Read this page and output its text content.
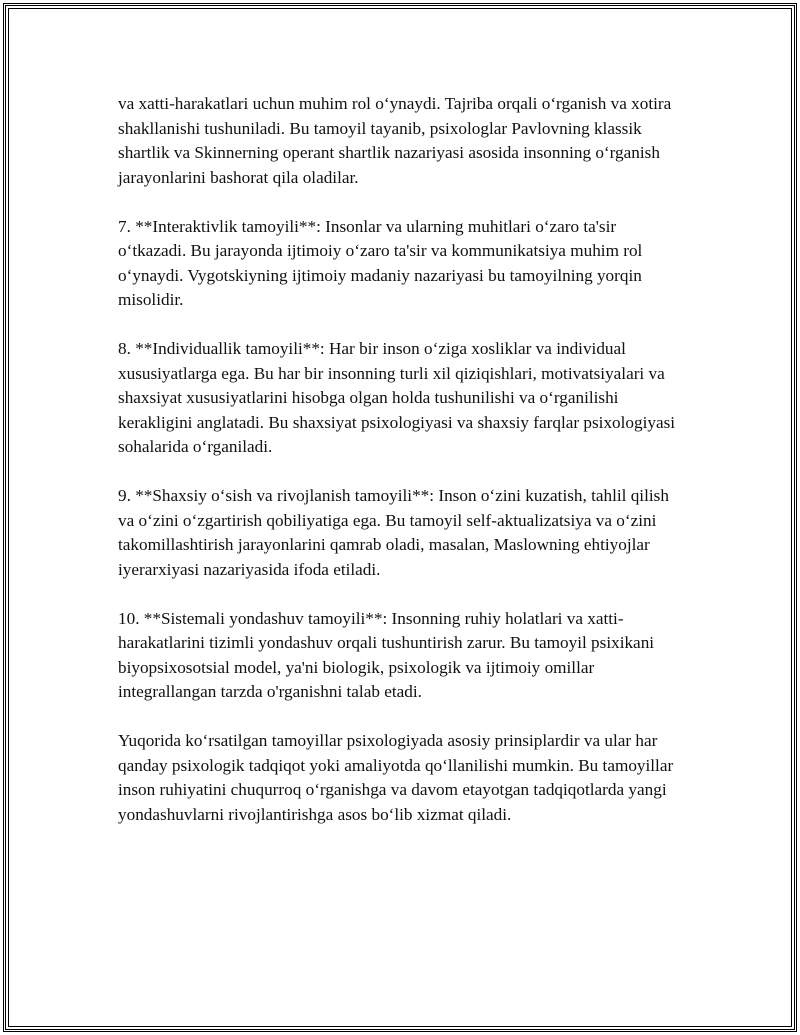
va xatti-harakatlari uchun muhim rol o‘ynaydi. Tajriba orqali o‘rganish va xotira shakllanishi tushuniladi. Bu tamoyil tayanib, psixologlar Pavlovning klassik shartlik va Skinnerning operant shartlik nazariyasi asosida insonning o‘rganish jarayonlarini bashorat qila oladilar.

7. **Interaktivlik tamoyili**: Insonlar va ularning muhitlari o‘zaro ta'sir o‘tkazadi. Bu jarayonda ijtimoiy o‘zaro ta'sir va kommunikatsiya muhim rol o‘ynaydi. Vygotskiyning ijtimoiy madaniy nazariyasi bu tamoyilning yorqin misolidir.

8. **Individuallik tamoyili**: Har bir inson o‘ziga xosliklar va individual xususiyatlarga ega. Bu har bir insonning turli xil qiziqishlari, motivatsiyalari va shaxsiyat xususiyatlarini hisobga olgan holda tushunilishi va o‘rganilishi kerakligini anglatadi. Bu shaxsiyat psixologiyasi va shaxsiy farqlar psixologiyasi sohalarida o‘rganiladi.

9. **Shaxsiy o‘sish va rivojlanish tamoyili**: Inson o‘zini kuzatish, tahlil qilish va o‘zini o‘zgartirish qobiliyatiga ega. Bu tamoyil self-aktualizatsiya va o‘zini takomillashtirish jarayonlarini qamrab oladi, masalan, Maslowning ehtiyojlar iyerarxiyasi nazariyasida ifoda etiladi.

10. **Sistemali yondashuv tamoyili**: Insonning ruhiy holatlari va xatti-harakatlarini tizimli yondashuv orqali tushuntirish zarur. Bu tamoyil psixikani biyopsixosotsial model, ya'ni biologik, psixologik va ijtimoiy omillar integrallangan tarzda o'rganishni talab etadi.

Yuqorida ko‘rsatilgan tamoyillar psixologiyada asosiy prinsiplardir va ular har qanday psixologik tadqiqot yoki amaliyotda qo‘llanilishi mumkin. Bu tamoyillar inson ruhiyatini chuqurroq o‘rganishga va davom etayotgan tadqiqotlarda yangi yondashuvlarni rivojlantirishga asos bo‘lib xizmat qiladi.
